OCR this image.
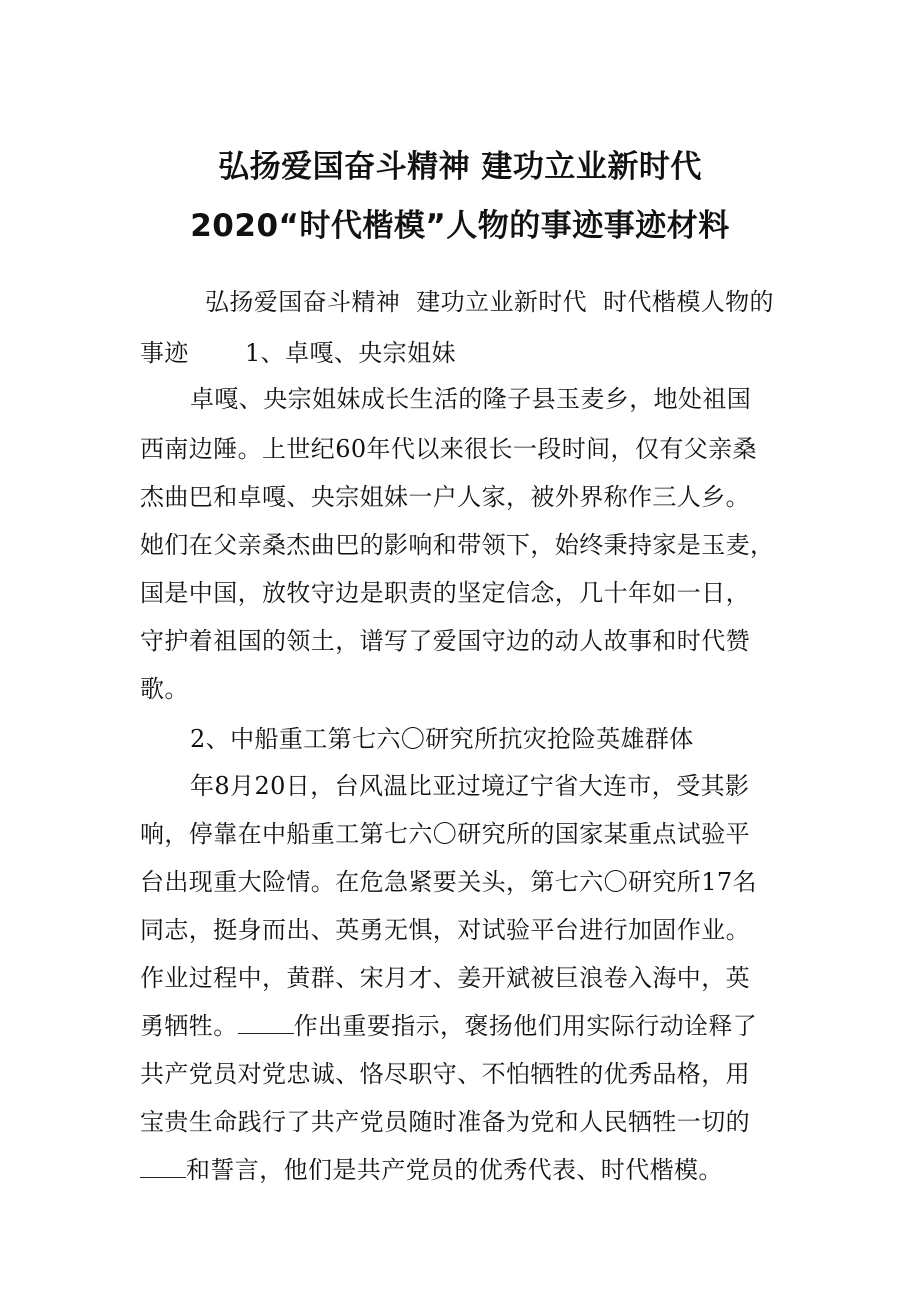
弘扬爱国奋斗精神 建功立业新时代
2020“时代楷模”人物的事迹事迹材料
弘扬爱国奋斗精神  建功立业新时代  时代楷模人物的
事迹       1、卓嘎、央宗姐妹
卓嘎、央宗姐妹成长生活的隆子县玉麦乡，地处祖国
西南边陲。上世纪60年代以来很长一段时间，仅有父亲桑
杰曲巴和卓嘎、央宗姐妹一户人家，被外界称作三人乡。
她们在父亲桑杰曲巴的影响和带领下，始终秉持家是玉麦，
国是中国，放牧守边是职责的坚定信念，几十年如一日，
守护着祖国的领土，谱写了爱国守边的动人故事和时代赞
歌。
2、中船重工第七六〇研究所抗灾抢险英雄群体
年8月20日，台风温比亚过境辽宁省大连市，受其影
响，停靠在中船重工第七六〇研究所的国家某重点试验平
台出现重大险情。在危急紧要关头，第七六〇研究所17名
同志，挺身而出、英勇无惧，对试验平台进行加固作业。
作业过程中，黄群、宋月才、姜开斌被巨浪卷入海中，英
勇牺牲。 作出重要指示，褒扬他们用实际行动诠释了
共产党员对党忠诚、恪尽职守、不怕牺牲的优秀品格，用
宝贵生命践行了共产党员随时准备为党和人民牺牲一切的
和誓言，他们是共产党员的优秀代表、时代楷模。
